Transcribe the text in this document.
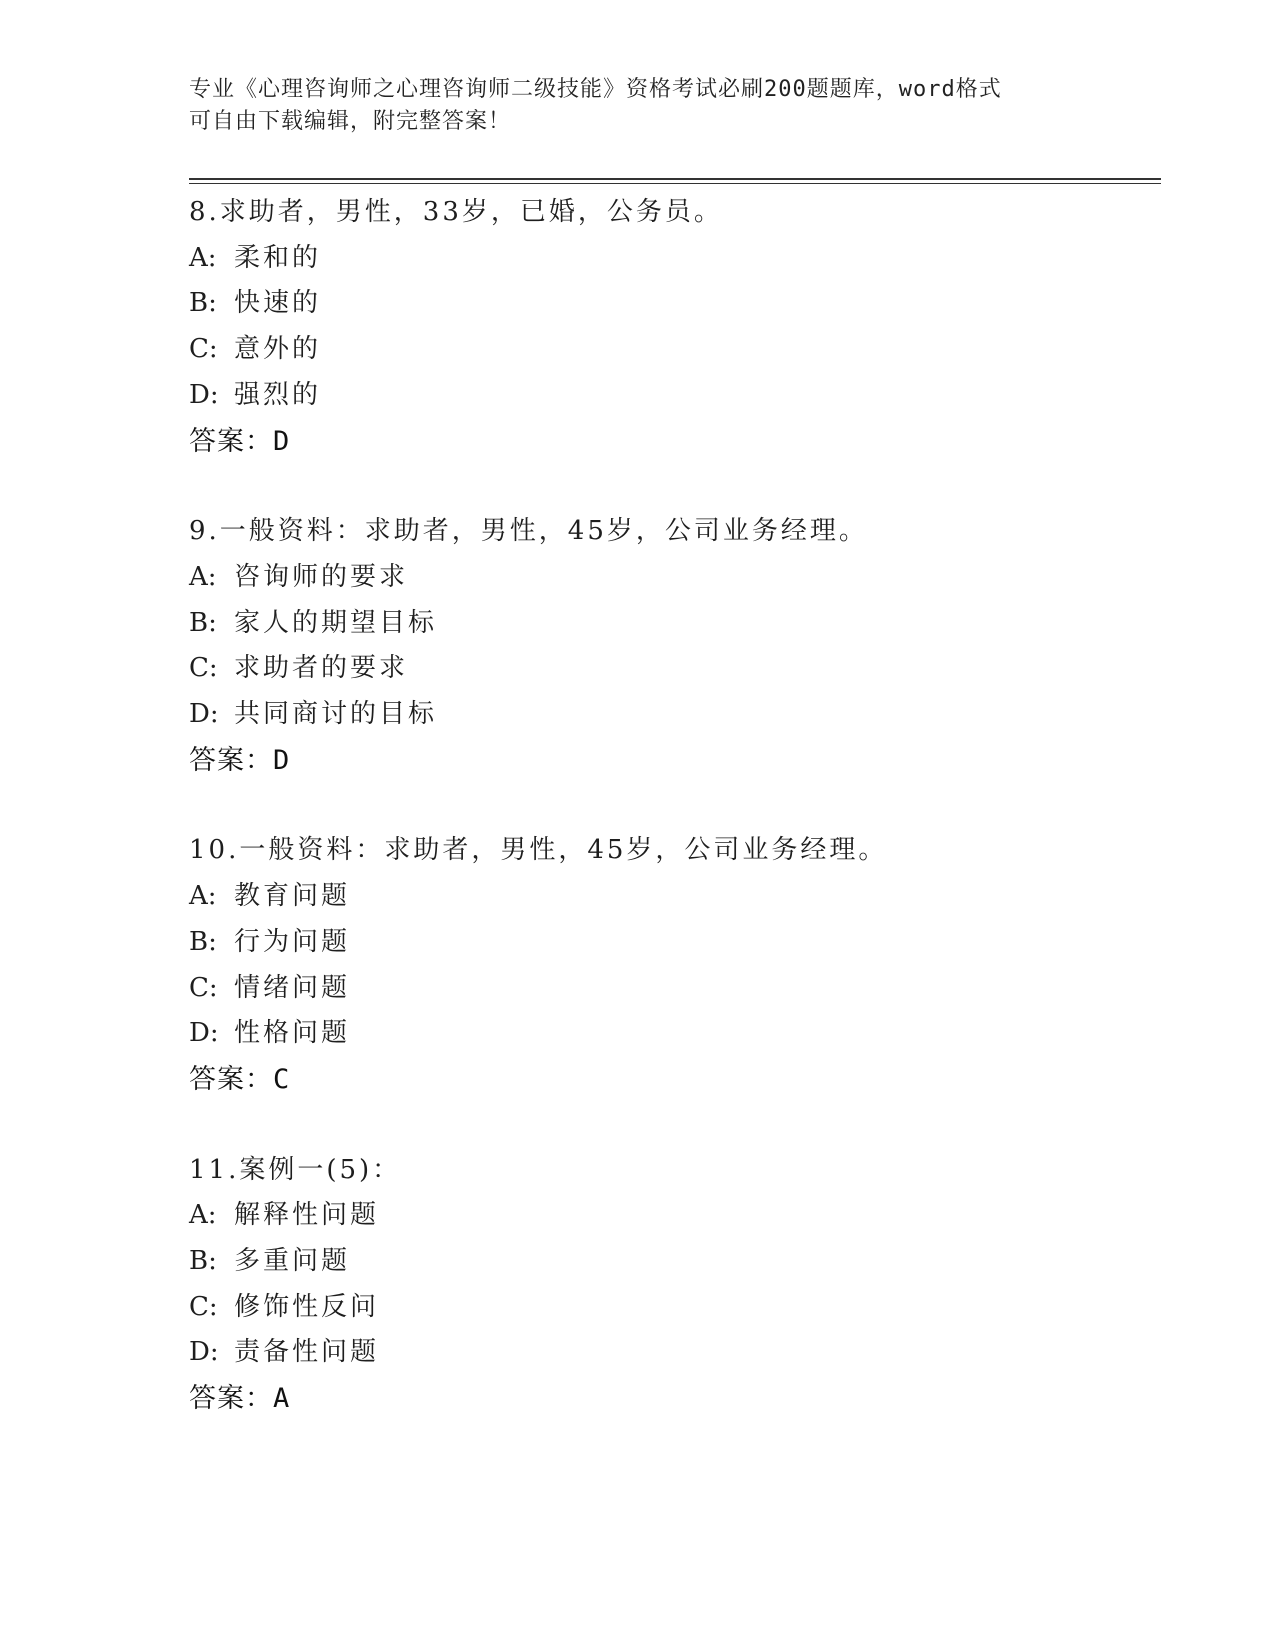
专业《心理咨询师之心理咨询师二级技能》资格考试必刷200题题库，word格式
可自由下载编辑，附完整答案！
8.求助者，男性，33岁，已婚，公务员。
A: 柔和的
B: 快速的
C: 意外的
D: 强烈的
答案：D
9.一般资料：求助者，男性，45岁，公司业务经理。
A: 咨询师的要求
B: 家人的期望目标
C: 求助者的要求
D: 共同商讨的目标
答案：D
10.一般资料：求助者，男性，45岁，公司业务经理。
A: 教育问题
B: 行为问题
C: 情绪问题
D: 性格问题
答案：C
11.案例一(5)：
A: 解释性问题
B: 多重问题
C: 修饰性反问
D: 责备性问题
答案：A
